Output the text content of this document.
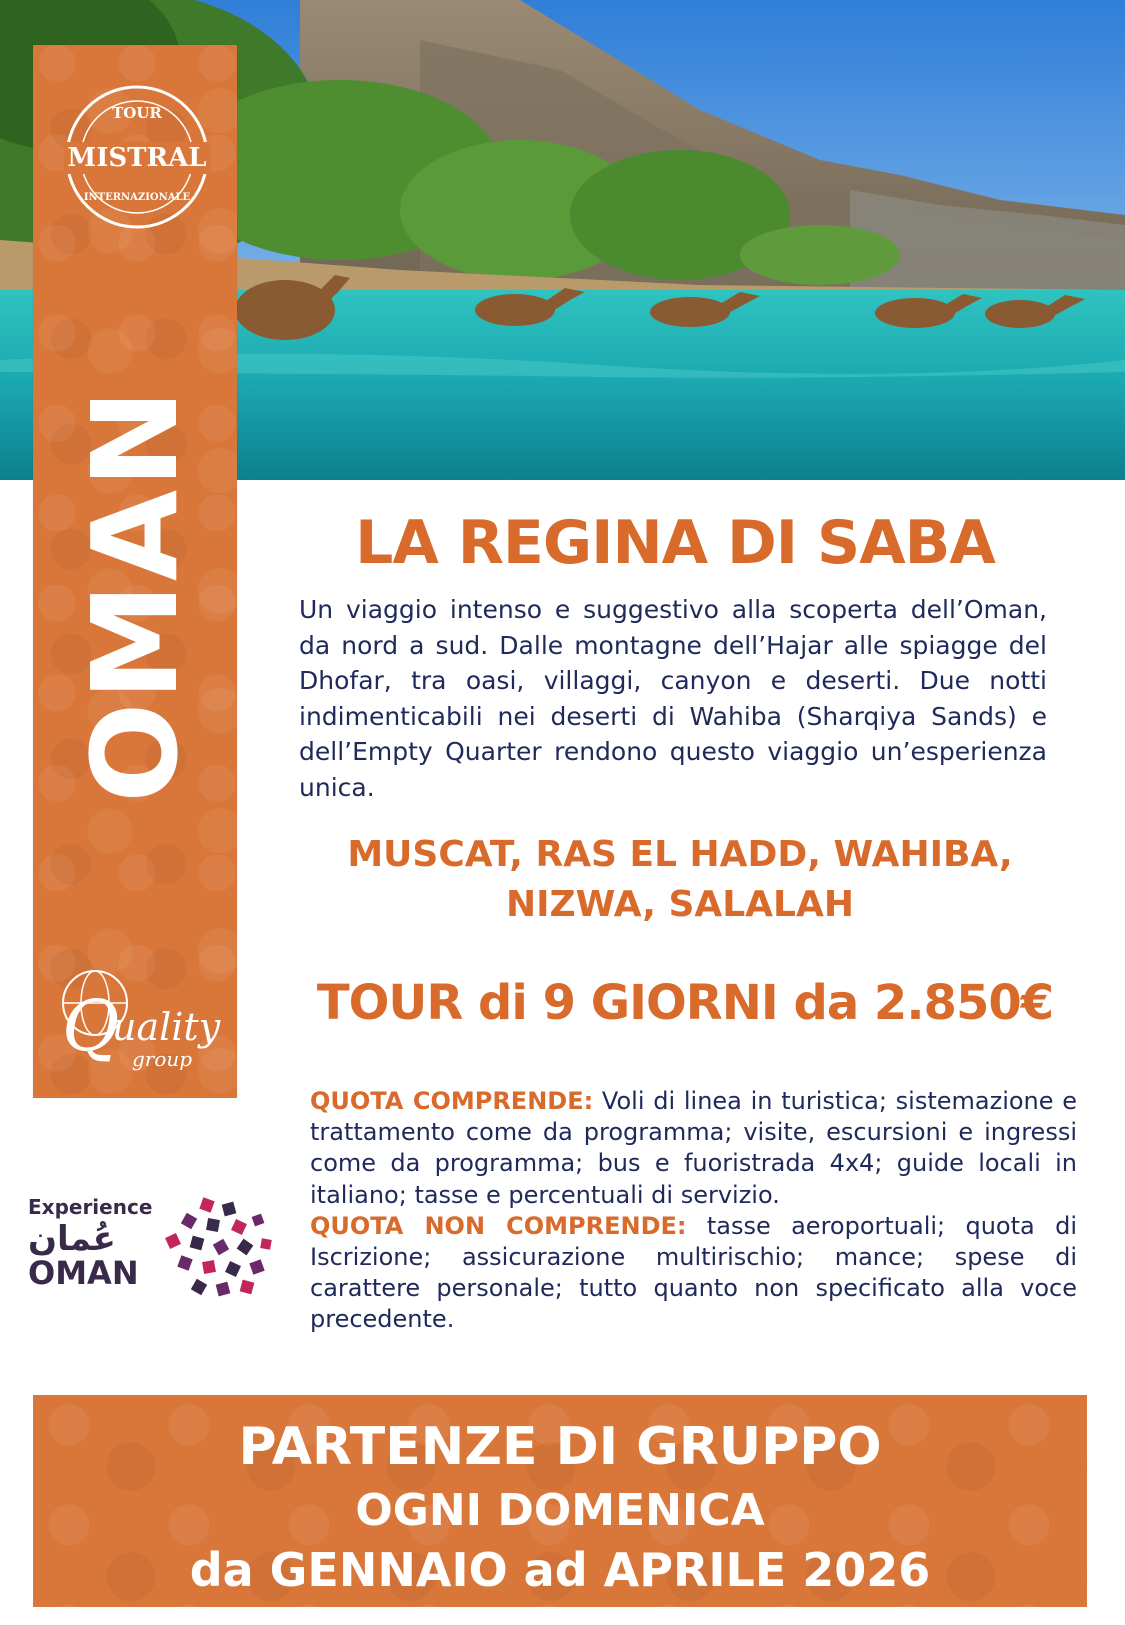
TOUR
MISTRAL
INTERNAZIONALE
OMAN
Q
uality
group
LA REGINA DI SABA

Un viaggio intenso e suggestivo alla scoperta dell’Oman, da nord a sud. Dalle montagne dell’Hajar alle spiagge del Dhofar, tra oasi, villaggi, canyon e deserti. Due notti indimenticabili nei deserti di Wahiba (Sharqiya Sands) e dell’Empty Quarter rendono questo viaggio un’esperienza unica.

MUSCAT, RAS EL HADD, WAHIBA,
NIZWA, SALALAH
TOUR di 9 GIORNI da 2.850€

QUOTA COMPRENDE: Voli di linea in turistica; sistemazione e trattamento come da programma; visite, escursioni e ingressi come da programma; bus e fuoristrada 4x4; guide locali in italiano; tasse e percentuali di servizio.
QUOTA NON COMPRENDE: tasse aeroportuali; quota di Iscrizione; assicurazione multirischio; mance; spese di carattere personale; tutto quanto non specificato alla voce precedente.

Experience
عُمان
OMAN
PARTENZE DI GRUPPO
OGNI DOMENICA
da GENNAIO ad APRILE 2026
